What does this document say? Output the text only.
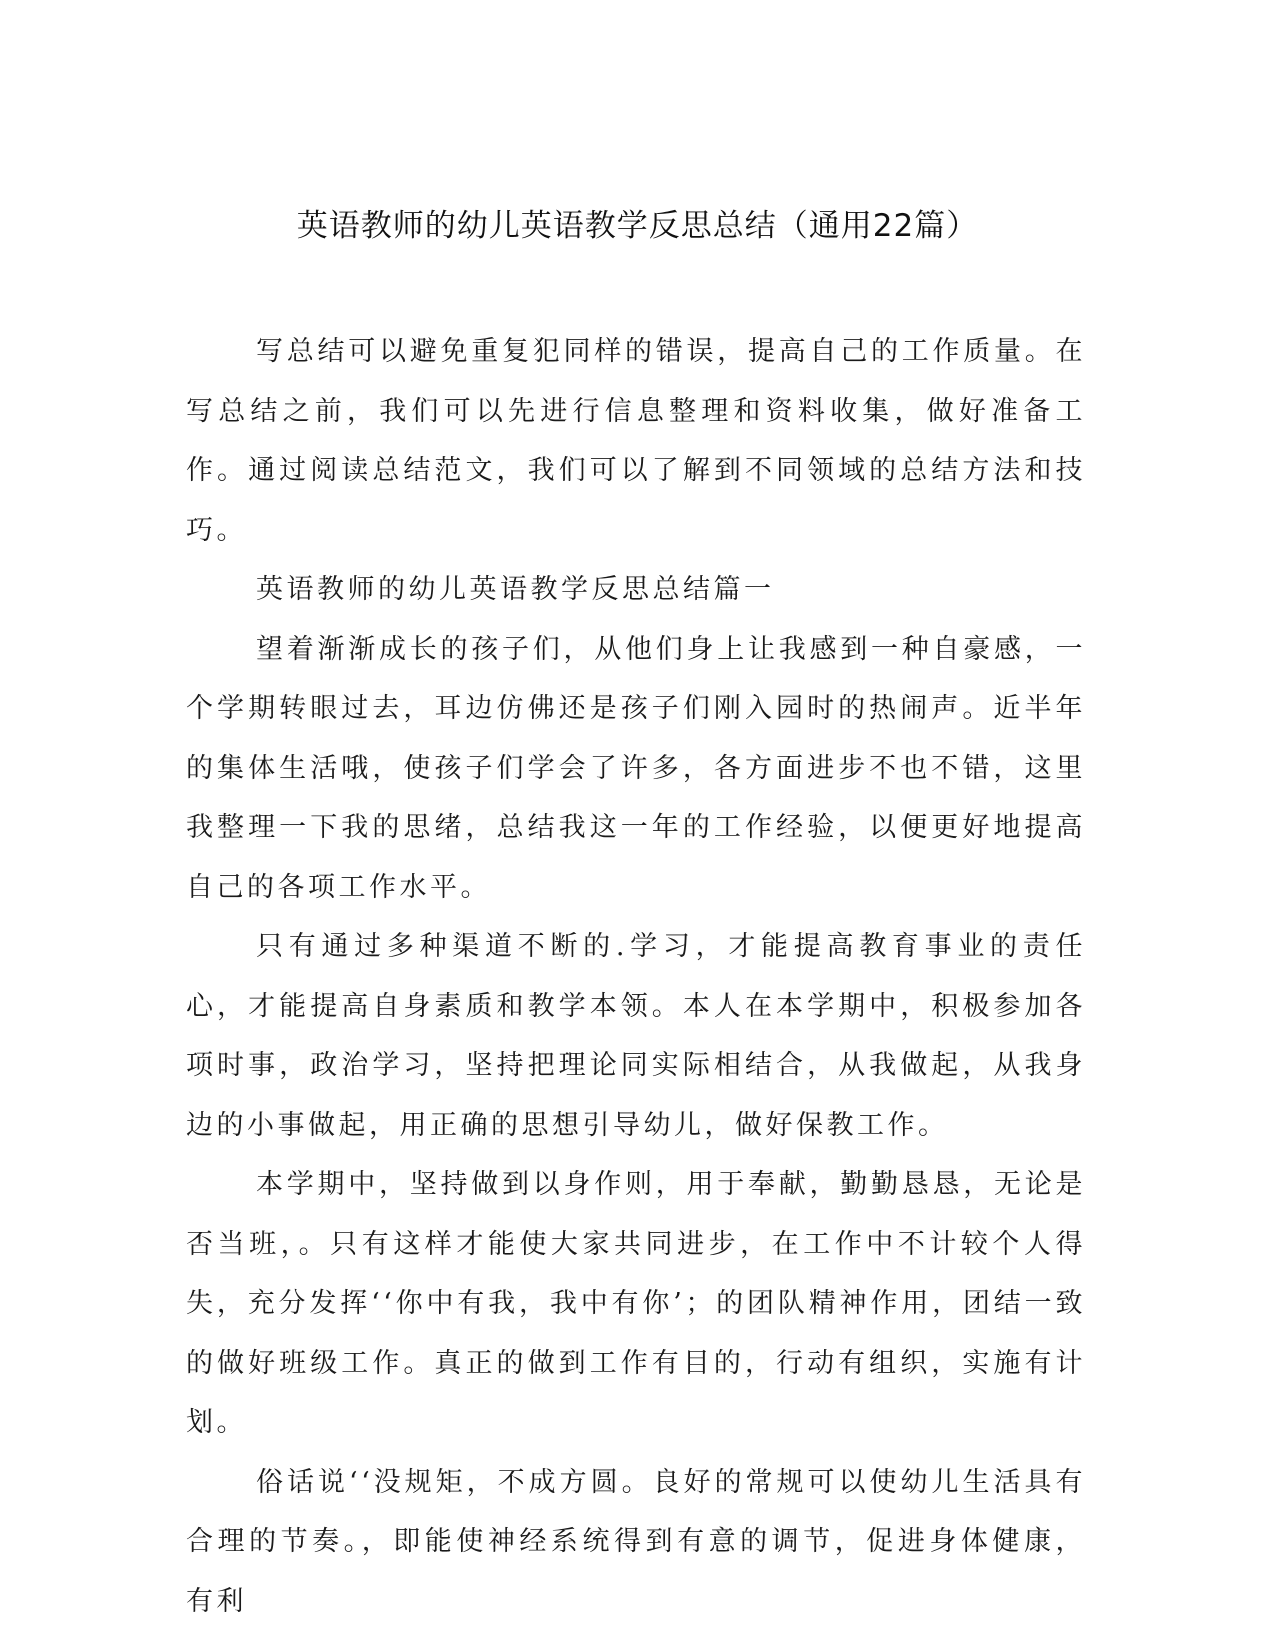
英语教师的幼儿英语教学反思总结（通用22篇）

写总结可以避免重复犯同样的错误，提高自己的工作质量。在写总结之前，我们可以先进行信息整理和资料收集，做好准备工作。通过阅读总结范文，我们可以了解到不同领域的总结方法和技巧。

英语教师的幼儿英语教学反思总结篇一

望着渐渐成长的孩子们，从他们身上让我感到一种自豪感，一个学期转眼过去，耳边仿佛还是孩子们刚入园时的热闹声。近半年的集体生活哦，使孩子们学会了许多，各方面进步不也不错，这里我整理一下我的思绪，总结我这一年的工作经验，以便更好地提高自己的各项工作水平。

只有通过多种渠道不断的.学习，才能提高教育事业的责任心，才能提高自身素质和教学本领。本人在本学期中，积极参加各项时事，政治学习，坚持把理论同实际相结合，从我做起，从我身边的小事做起，用正确的思想引导幼儿，做好保教工作。

本学期中，坚持做到以身作则，用于奉献，勤勤恳恳，无论是否当班，。只有这样才能使大家共同进步，在工作中不计较个人得失，充分发挥‘‘你中有我，我中有你’；的团队精神作用，团结一致的做好班级工作。真正的做到工作有目的，行动有组织，实施有计划。

俗话说‘‘没规矩，不成方圆。良好的常规可以使幼儿生活具有合理的节奏。，即能使神经系统得到有意的调节，促进身体健康，有利
